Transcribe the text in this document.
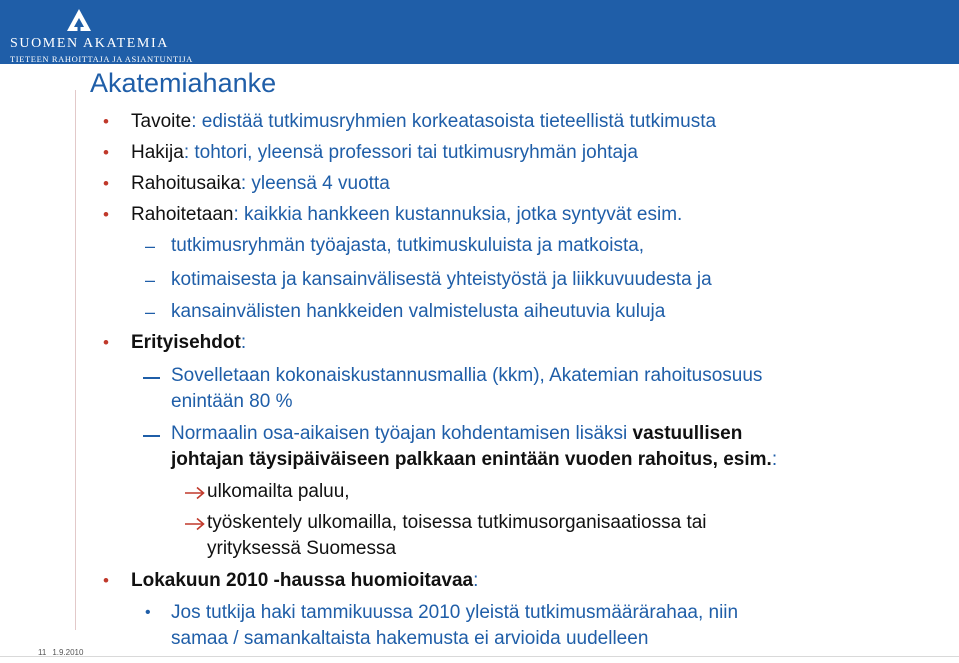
SUOMEN AKATEMIA
TIETEEN RAHOITTAJA JA ASIANTUNTIJA
Akatemiahanke
• Tavoite: edistää tutkimusryhmien korkeatasoista tieteellistä tutkimusta
• Hakija: tohtori, yleensä professori tai tutkimusryhmän johtaja
• Rahoitusaika: yleensä 4 vuotta
• Rahoitetaan: kaikkia hankkeen kustannuksia, jotka syntyvät esim.
– tutkimusryhmän työajasta, tutkimuskuluista ja matkoista,
– kotimaisesta ja kansainvälisestä yhteistyöstä ja liikkuvuudesta ja
– kansainvälisten hankkeiden valmistelusta aiheutuvia kuluja
• Erityisehdot:
Sovelletaan kokonaiskustannusmallia (kkm), Akatemian rahoitusosuus
enintään 80 %
Normaalin osa-aikaisen työajan kohdentamisen lisäksi vastuullisen
johtajan täysipäiväiseen palkkaan enintään vuoden rahoitus, esim.:
ulkomailta paluu,
työskentely ulkomailla, toisessa tutkimusorganisaatiossa tai
yrityksessä Suomessa
• Lokakuun 2010 -haussa huomioitavaa:
• Jos tutkija haki tammikuussa 2010 yleistä tutkimusmäärärahaa, niin
samaa / samankaltaista hakemusta ei arvioida uudelleen
11 1.9.2010
